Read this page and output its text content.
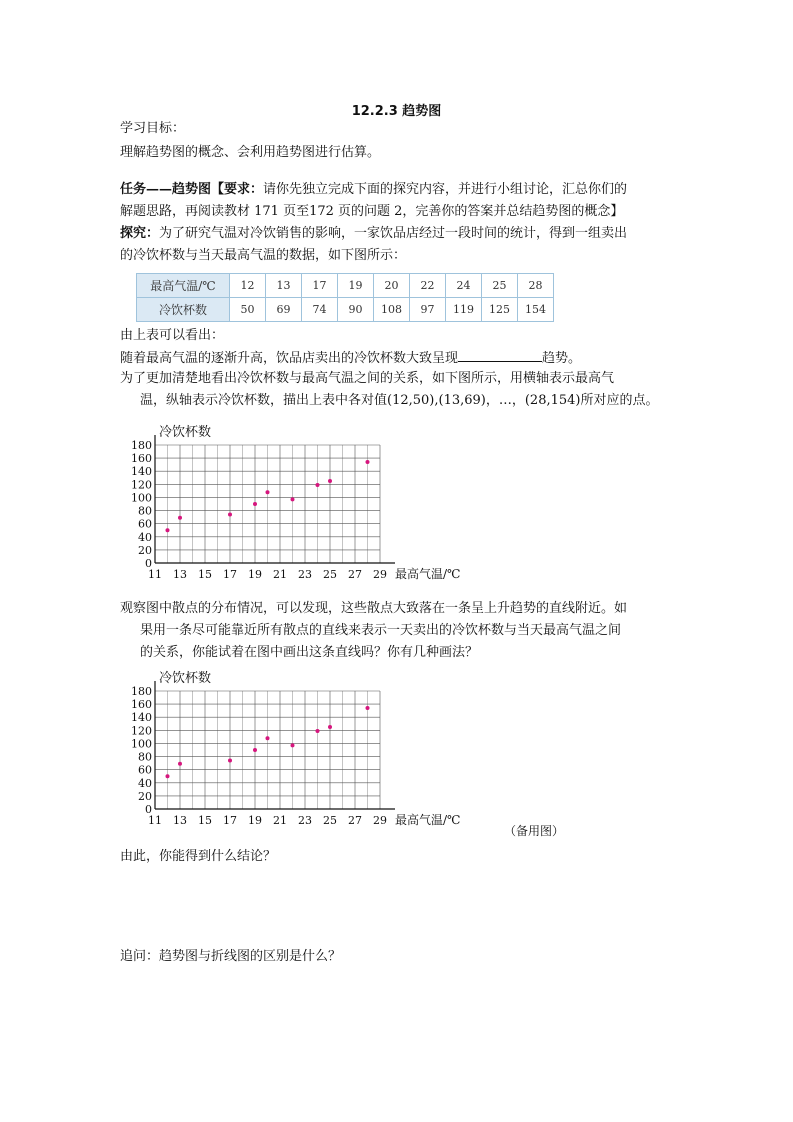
12.2.3 趋势图
学习目标：
理解趋势图的概念、会利用趋势图进行估算。
任务——趋势图【要求：请你先独立完成下面的探究内容，并进行小组讨论，汇总你们的
解题思路，再阅读教材 171 页至172 页的问题 2，完善你的答案并总结趋势图的概念】
探究：为了研究气温对冷饮销售的影响，一家饮品店经过一段时间的统计，得到一组卖出
的冷饮杯数与当天最高气温的数据，如下图所示：
最高气温/℃	12	13	17	19	20	22	24	25	28
冷饮杯数	50	69	74	90	108	97	119	125	154
由上表可以看出：
随着最高气温的逐渐升高，饮品店卖出的冷饮杯数大致呈现	趋势。
为了更加清楚地看出冷饮杯数与最高气温之间的关系，如下图所示，用横轴表示最高气
温，纵轴表示冷饮杯数，描出上表中各对值(12,50),(13,69)，…，(28,154)所对应的点。
0
20
40
60
80
100
120
140
160
180
11 13 15 17 19 21 23 25 27 29
冷饮杯数
最高气温/℃
观察图中散点的分布情况，可以发现，这些散点大致落在一条呈上升趋势的直线附近。如
果用一条尽可能靠近所有散点的直线来表示一天卖出的冷饮杯数与当天最高气温之间
的关系，你能试着在图中画出这条直线吗？你有几种画法？
0
20
40
60
80
100
120
140
160
180
11 13 15 17 19 21 23 25 27 29
冷饮杯数
最高气温/℃
（备用图）
由此，你能得到什么结论？
追问：趋势图与折线图的区别是什么？
